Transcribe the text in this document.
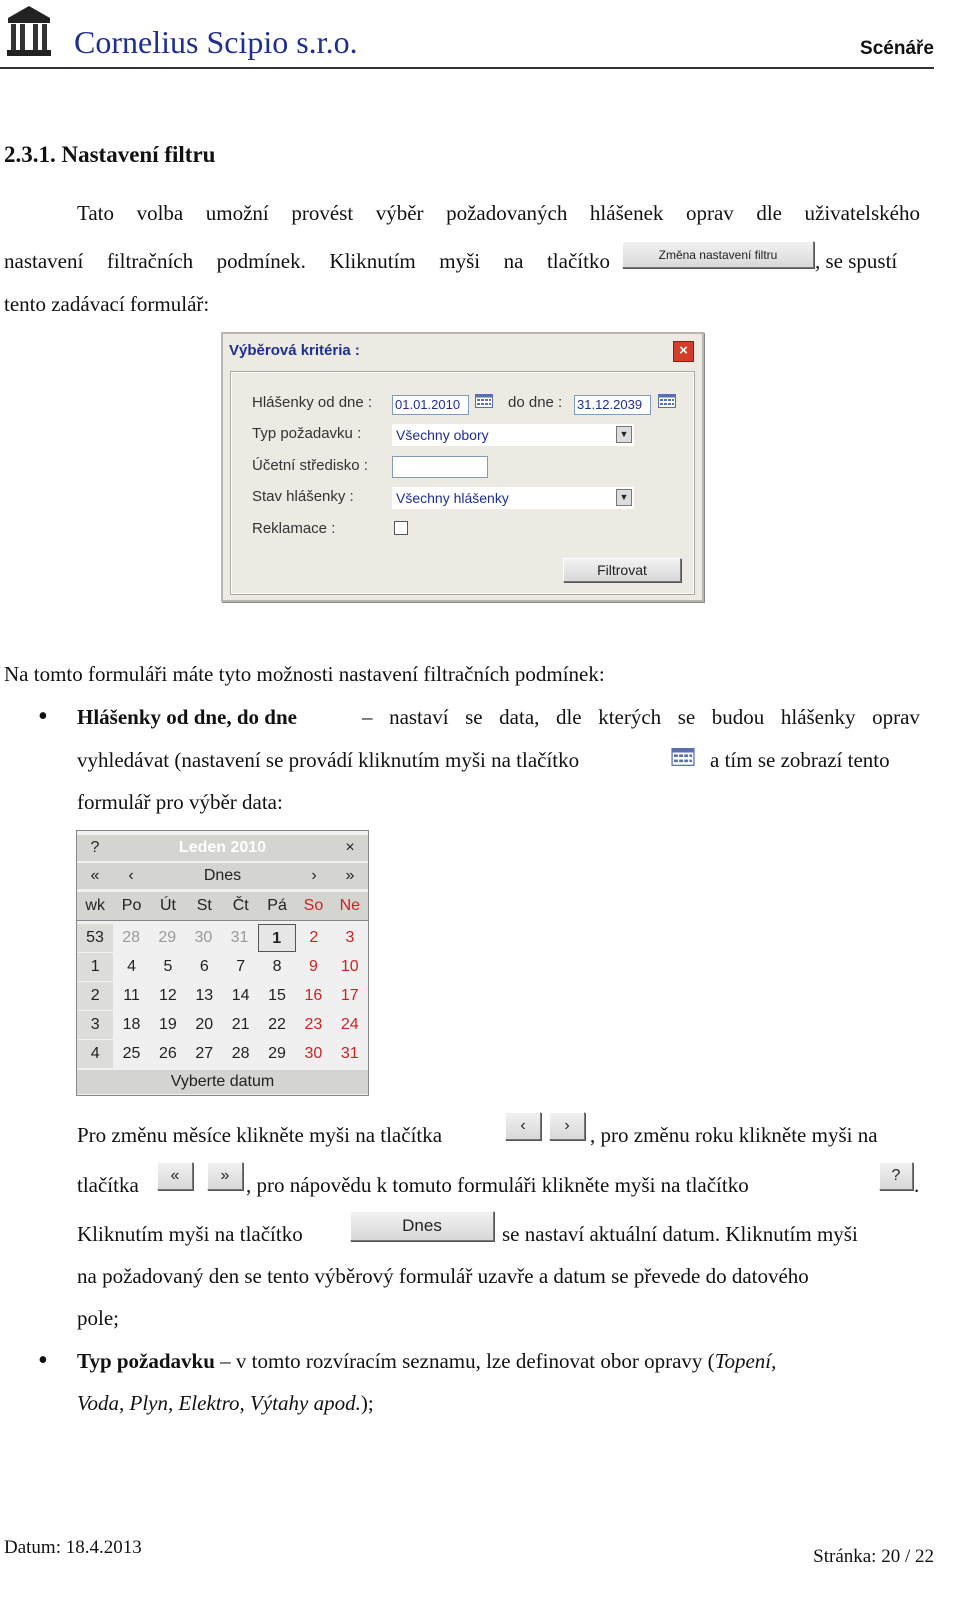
Cornelius Scipio s.r.o.	Scénáře
2.3.1. Nastavení filtru
Tato volba umožní provést výběr požadovaných hlášenek oprav dle uživatelského
nastavení filtračních podmínek. Kliknutím myši na tlačítko	Změna nastavení filtru	, se spustí
tento zadávací formulář:
Výběrová kritéria :	×
Hlášenky od dne : 01.01.2010	do dne : 31.12.2039
Typ požadavku : Všechny obory	▼
Účetní středisko :
Stav hlášenky :	Všechny hlášenky	▼
Reklamace :
Filtrovat
Na tomto formuláři máte tyto možnosti nastavení filtračních podmínek:
• Hlášenky od dne, do dne	– nastaví se data, dle kterých se budou hlášenky oprav
vyhledávat (nastavení se provádí kliknutím myši na tlačítko	a tím se zobrazí tento
formulář pro výběr data:
?	Leden 2010	×
«	‹	Dnes	›	»
wk	Po	Út	St	Čt	Pá	So	Ne
53	28	29	30	31	1	2	3
1	4	5	6	7	8	9	10
2	11	12	13	14	15	16	17
3	18	19	20	21	22	23	24
4	25	26	27	28	29	30	31
Vyberte datum
Pro změnu měsíce klikněte myši na tlačítka	‹	› , pro změnu roku klikněte myši na
tlačítka	«	» , pro nápovědu k tomuto formuláři klikněte myši na tlačítko	? .
Kliknutím myši na tlačítko	Dnes	se nastaví aktuální datum. Kliknutím myši
na požadovaný den se tento výběrový formulář uzavře a datum se převede do datového
pole;
• Typ požadavku – v tomto rozvíracím seznamu, lze definovat obor opravy (Topení,
Voda, Plyn, Elektro, Výtahy apod.);
Datum: 18.4.2013	Stránka: 20 / 22
